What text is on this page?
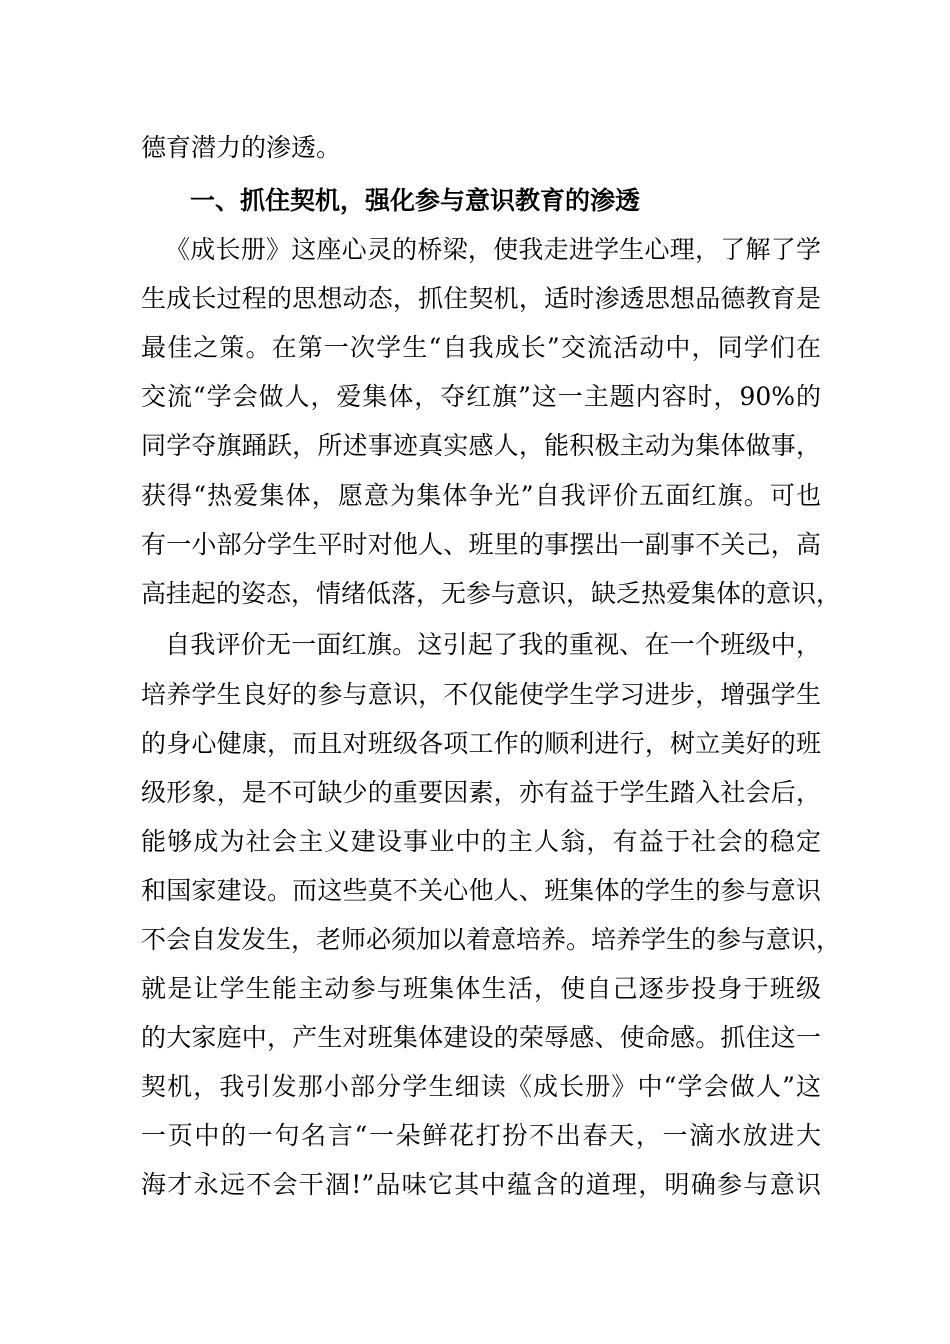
德育潜力的渗透。
一、抓住契机，强化参与意识教育的渗透
《成长册》这座心灵的桥梁，使我走进学生心理，了解了学
生成长过程的思想动态，抓住契机，适时渗透思想品德教育是
最佳之策。在第一次学生“自我成长”交流活动中，同学们在
交流“学会做人，爱集体，夺红旗”这一主题内容时，90%的
同学夺旗踊跃，所述事迹真实感人，能积极主动为集体做事，
获得“热爱集体，愿意为集体争光”自我评价五面红旗。可也
有一小部分学生平时对他人、班里的事摆出一副事不关己，高
高挂起的姿态，情绪低落，无参与意识，缺乏热爱集体的意识，
自我评价无一面红旗。这引起了我的重视、在一个班级中，
培养学生良好的参与意识，不仅能使学生学习进步，增强学生
的身心健康，而且对班级各项工作的顺利进行，树立美好的班
级形象，是不可缺少的重要因素，亦有益于学生踏入社会后，
能够成为社会主义建设事业中的主人翁，有益于社会的稳定
和国家建设。而这些莫不关心他人、班集体的学生的参与意识
不会自发发生，老师必须加以着意培养。培养学生的参与意识，
就是让学生能主动参与班集体生活，使自己逐步投身于班级
的大家庭中，产生对班集体建设的荣辱感、使命感。抓住这一
契机，我引发那小部分学生细读《成长册》中“学会做人”这
一页中的一句名言“一朵鲜花打扮不出春天，一滴水放进大
海才永远不会干涸!”品味它其中蕴含的道理，明确参与意识
